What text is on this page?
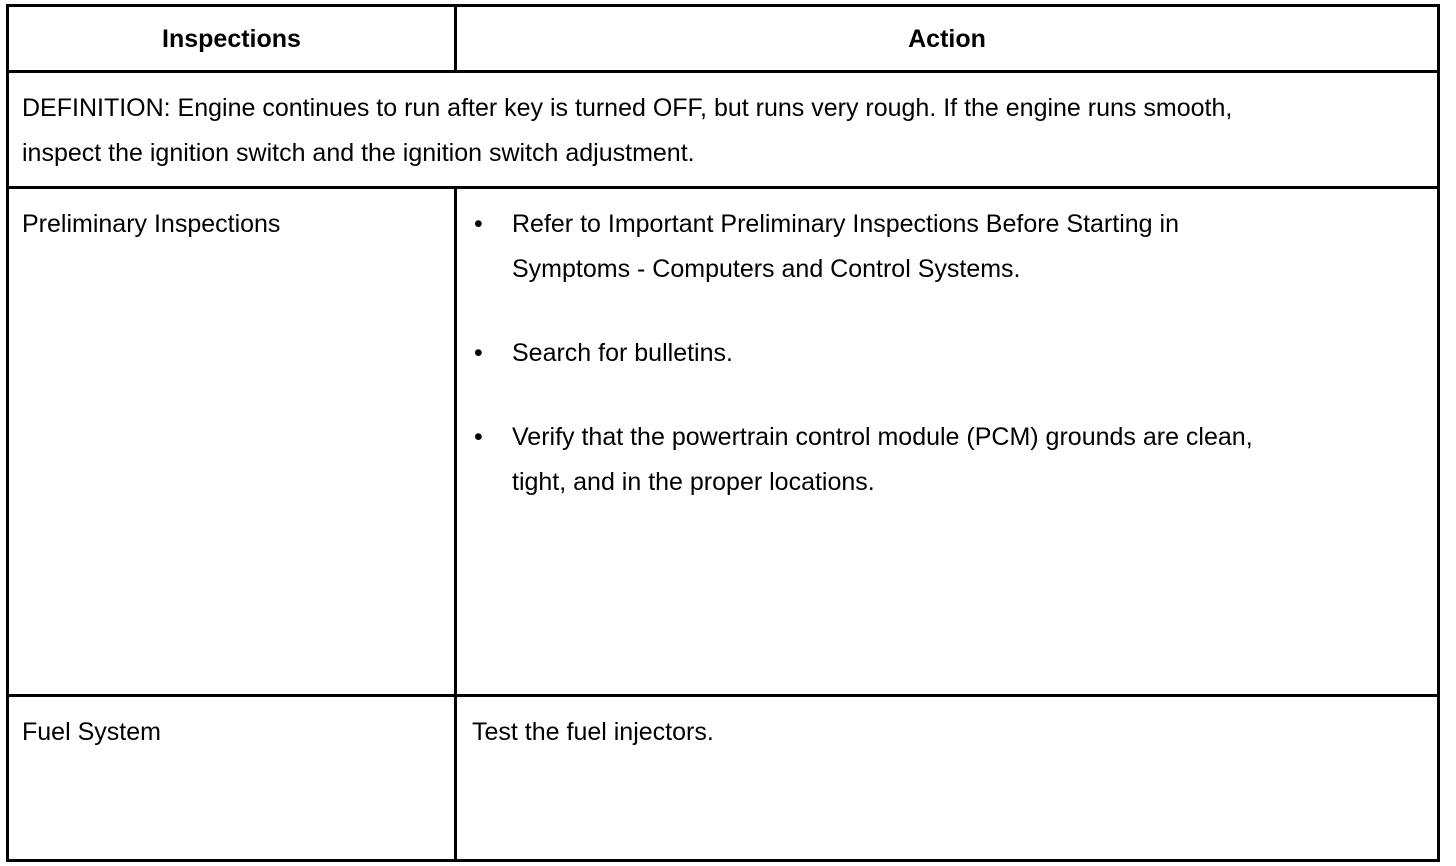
Inspections	Action
DEFINITION: Engine continues to run after key is turned OFF, but runs very rough. If the engine runs smooth, inspect the ignition switch and the ignition switch adjustment.
Preliminary Inspections	• Refer to Important Preliminary Inspections Before Starting in Symptoms - Computers and Control Systems.
• Search for bulletins.
• Verify that the powertrain control module (PCM) grounds are clean, tight, and in the proper locations.
Fuel System	Test the fuel injectors.
